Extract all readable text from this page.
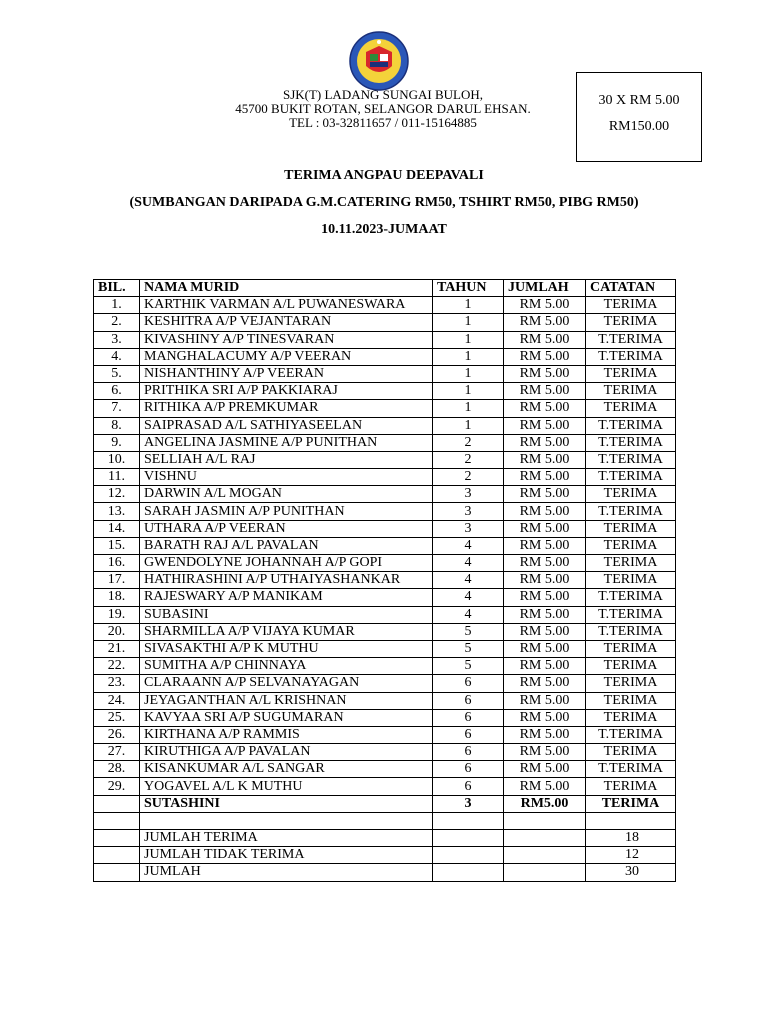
SJK(T) LADANG SUNGAI BULOH,
45700 BUKIT ROTAN, SELANGOR DARUL EHSAN.
TEL : 03-32811657 / 011-15164885
30 X RM 5.00
RM150.00
TERIMA ANGPAU DEEPAVALI
(SUMBANGAN DARIPADA G.M.CATERING RM50, TSHIRT RM50, PIBG RM50)
10.11.2023-JUMAAT
BIL.	NAMA MURID	TAHUN	JUMLAH	CATATAN
1.	KARTHIK VARMAN A/L PUWANESWARA	1	RM 5.00	TERIMA
2.	KESHITRA A/P VEJANTARAN	1	RM 5.00	TERIMA
3.	KIVASHINY A/P TINESVARAN	1	RM 5.00	T.TERIMA
4.	MANGHALACUMY A/P VEERAN	1	RM 5.00	T.TERIMA
5.	NISHANTHINY A/P VEERAN	1	RM 5.00	TERIMA
6.	PRITHIKA SRI A/P PAKKIARAJ	1	RM 5.00	TERIMA
7.	RITHIKA A/P PREMKUMAR	1	RM 5.00	TERIMA
8.	SAIPRASAD A/L SATHIYASEELAN	1	RM 5.00	T.TERIMA
9.	ANGELINA JASMINE A/P PUNITHAN	2	RM 5.00	T.TERIMA
10.	SELLIAH A/L RAJ	2	RM 5.00	T.TERIMA
11.	VISHNU	2	RM 5.00	T.TERIMA
12.	DARWIN A/L MOGAN	3	RM 5.00	TERIMA
13.	SARAH JASMIN A/P PUNITHAN	3	RM 5.00	T.TERIMA
14.	UTHARA A/P VEERAN	3	RM 5.00	TERIMA
15.	BARATH RAJ A/L PAVALAN	4	RM 5.00	TERIMA
16.	GWENDOLYNE JOHANNAH A/P GOPI	4	RM 5.00	TERIMA
17.	HATHIRASHINI A/P UTHAIYASHANKAR	4	RM 5.00	TERIMA
18.	RAJESWARY A/P MANIKAM	4	RM 5.00	T.TERIMA
19.	SUBASINI	4	RM 5.00	T.TERIMA
20.	SHARMILLA A/P VIJAYA KUMAR	5	RM 5.00	T.TERIMA
21.	SIVASAKTHI A/P K MUTHU	5	RM 5.00	TERIMA
22.	SUMITHA A/P CHINNAYA	5	RM 5.00	TERIMA
23.	CLARAANN A/P SELVANAYAGAN	6	RM 5.00	TERIMA
24.	JEYAGANTHAN A/L KRISHNAN	6	RM 5.00	TERIMA
25.	KAVYAA SRI A/P SUGUMARAN	6	RM 5.00	TERIMA
26.	KIRTHANA A/P RAMMIS	6	RM 5.00	T.TERIMA
27.	KIRUTHIGA A/P PAVALAN	6	RM 5.00	TERIMA
28.	KISANKUMAR A/L SANGAR	6	RM 5.00	T.TERIMA
29.	YOGAVEL A/L K MUTHU	6	RM 5.00	TERIMA
	SUTASHINI	3	RM5.00	TERIMA

	JUMLAH TERIMA			18
	JUMLAH TIDAK TERIMA			12
	JUMLAH			30
